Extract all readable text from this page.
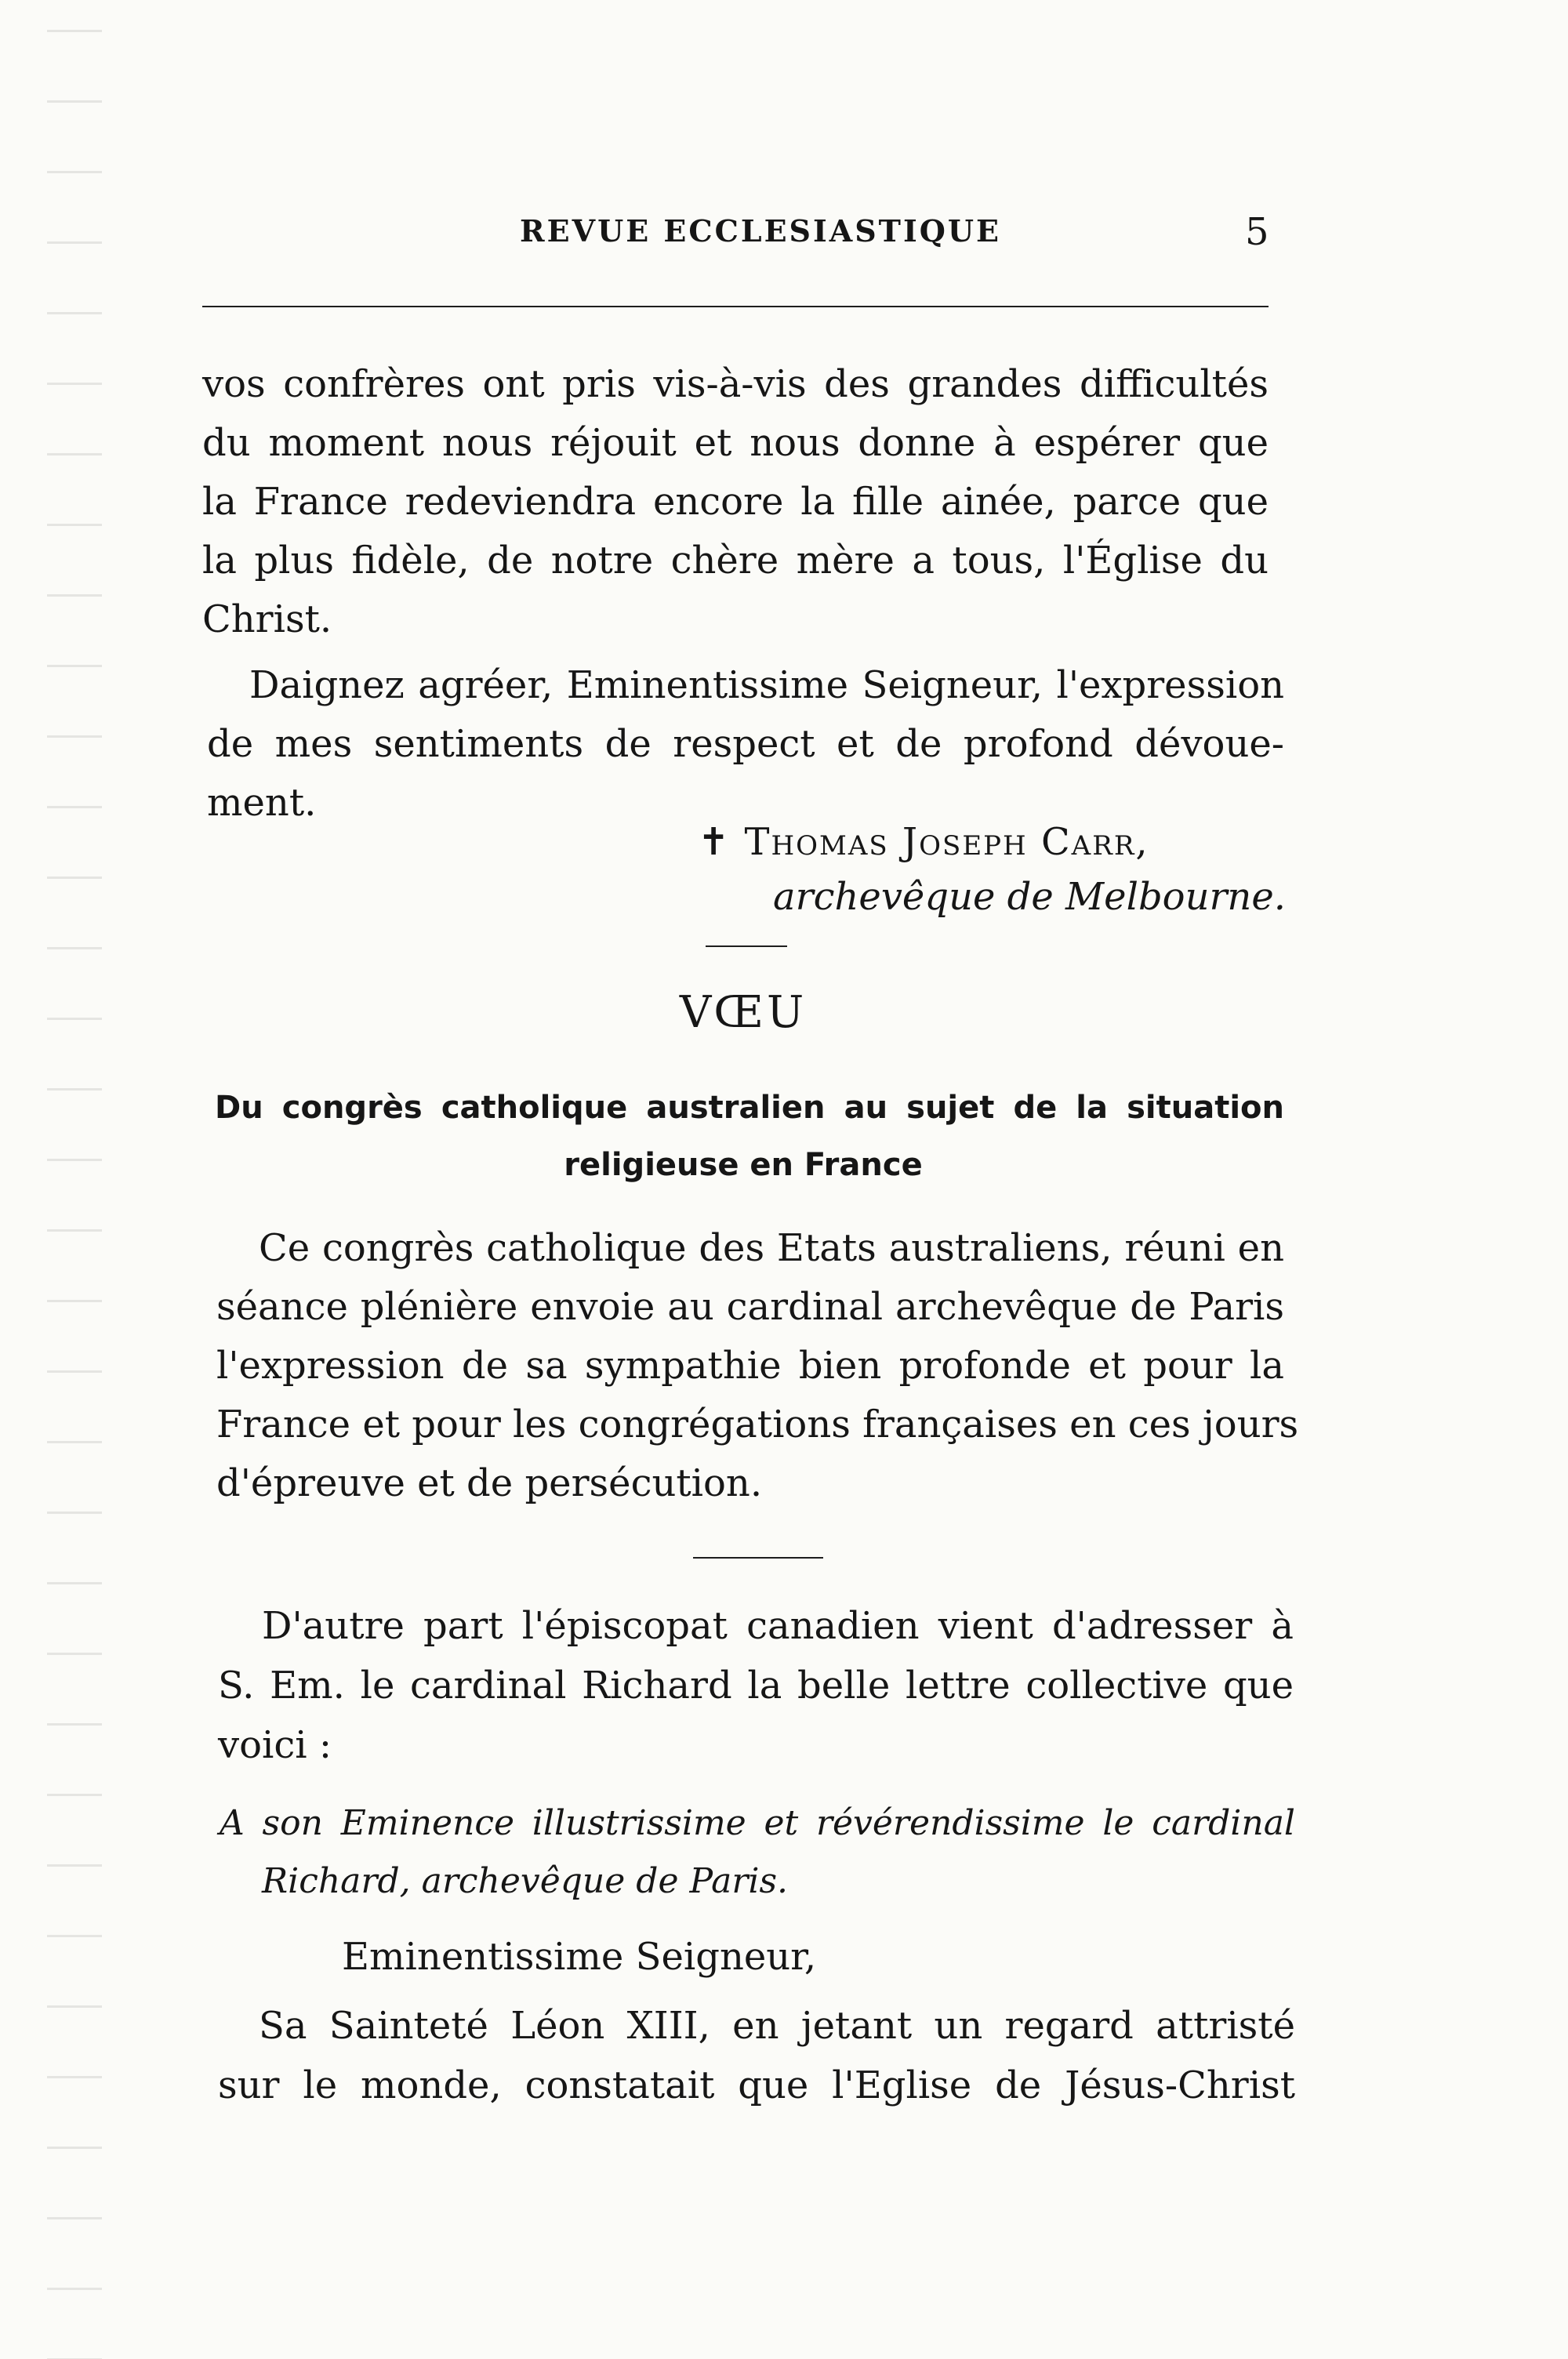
REVUE ECCLESIASTIQUE	5
vos confrères ont pris vis-à-vis des grandes difficultés
du moment nous réjouit et nous donne à espérer que
la France redeviendra encore la fille ainée, parce que
la plus fidèle, de notre chère mère a tous, l'Église du
Christ.
Daignez agréer, Eminentissime Seigneur, l'expression
de mes sentiments de respect et de profond dévoue-
ment.
✝ Thomas Joseph Carr,
archevêque de Melbourne.
VŒU
Du congrès catholique australien au sujet de la situation
religieuse en France
Ce congrès catholique des Etats australiens, réuni en
séance plénière envoie au cardinal archevêque de Paris
l'expression de sa sympathie bien profonde et pour la
France et pour les congrégations françaises en ces jours
d'épreuve et de persécution.
D'autre part l'épiscopat canadien vient d'adresser à
S. Em. le cardinal Richard la belle lettre collective que
voici :
A son Eminence illustrissime et révérendissime le cardinal
Richard, archevêque de Paris.
Eminentissime Seigneur,
Sa Sainteté Léon XIII, en jetant un regard attristé
sur le monde, constatait que l'Eglise de Jésus-Christ
